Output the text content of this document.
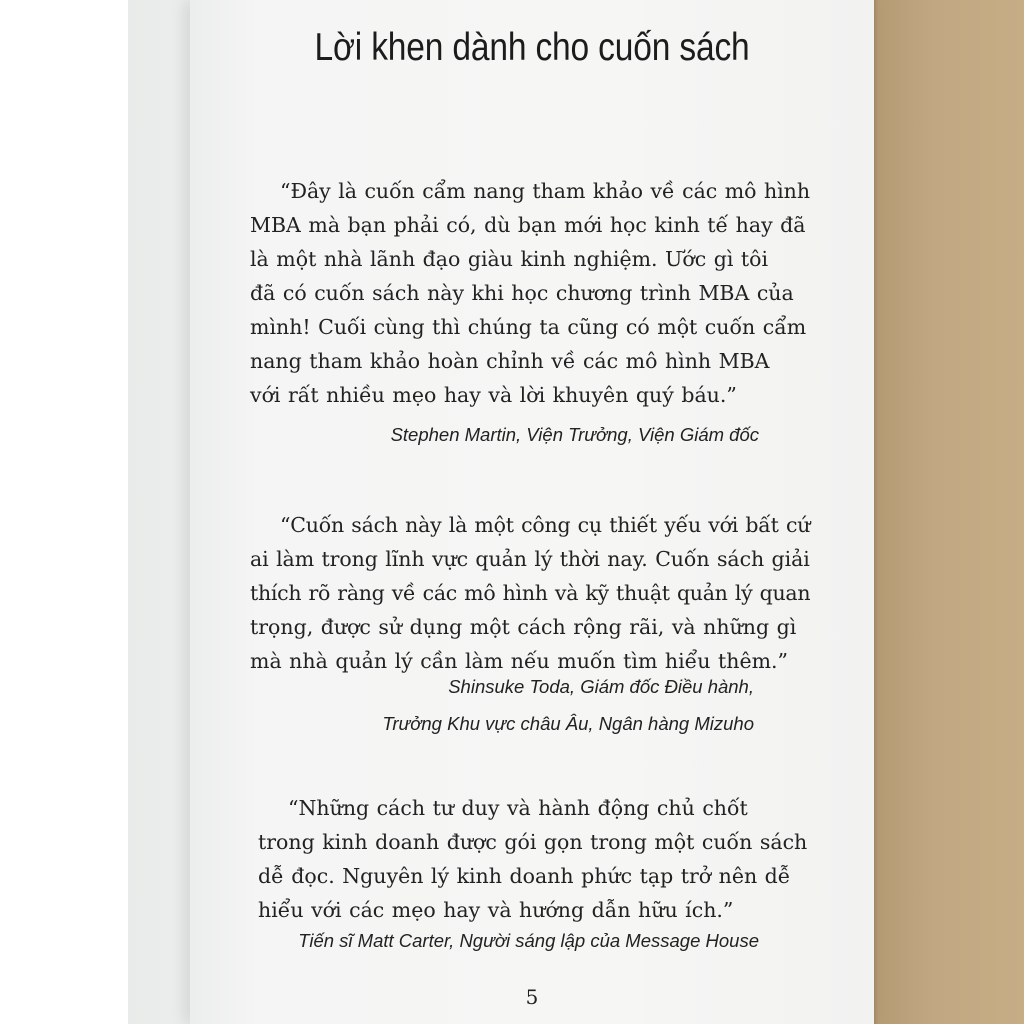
Lời khen dành cho cuốn sách
“Đây là cuốn cẩm nang tham khảo về các mô hình
MBA mà bạn phải có, dù bạn mới học kinh tế hay đã
là một nhà lãnh đạo giàu kinh nghiệm. Ước gì tôi
đã có cuốn sách này khi học chương trình MBA của
mình! Cuối cùng thì chúng ta cũng có một cuốn cẩm
nang tham khảo hoàn chỉnh về các mô hình MBA
với rất nhiều mẹo hay và lời khuyên quý báu.”
Stephen Martin, Viện Trưởng, Viện Giám đốc
“Cuốn sách này là một công cụ thiết yếu với bất cứ
ai làm trong lĩnh vực quản lý thời nay. Cuốn sách giải
thích rõ ràng về các mô hình và kỹ thuật quản lý quan
trọng, được sử dụng một cách rộng rãi, và những gì
mà nhà quản lý cần làm nếu muốn tìm hiểu thêm.”
Shinsuke Toda, Giám đốc Điều hành,
Trưởng Khu vực châu Âu, Ngân hàng Mizuho
“Những cách tư duy và hành động chủ chốt
trong kinh doanh được gói gọn trong một cuốn sách
dễ đọc. Nguyên lý kinh doanh phức tạp trở nên dễ
hiểu với các mẹo hay và hướng dẫn hữu ích.”
Tiến sĩ Matt Carter, Người sáng lập của Message House
5
